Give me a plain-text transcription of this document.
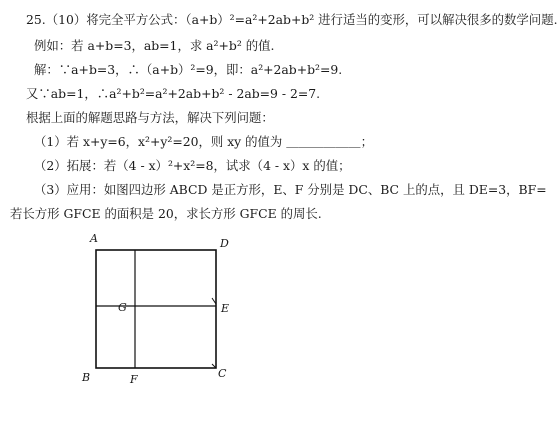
25.（10）将完全平方公式：（a+b）²=a²+2ab+b² 进行适当的变形，可以解决很多的数学问题.
例如：若 a+b=3，ab=1，求 a²+b² 的值.
解：∵a+b=3，∴（a+b）²=9，即：a²+2ab+b²=9.
又∵ab=1，∴a²+b²=a²+2ab+b² - 2ab=9 - 2=7.
根据上面的解题思路与方法，解决下列问题：
（1）若 x+y=6，x²+y²=20，则 xy 的值为 ＿＿＿＿＿＿；
（2）拓展：若（4 - x）²+x²=8，试求（4 - x）x 的值；
（3）应用：如图四边形 ABCD 是正方形，E、F 分别是 DC、BC 上的点，且 DE=3，BF=
若长方形 GFCE 的面积是 20，求长方形 GFCE 的周长.
A	D
G	E
B	F	C
